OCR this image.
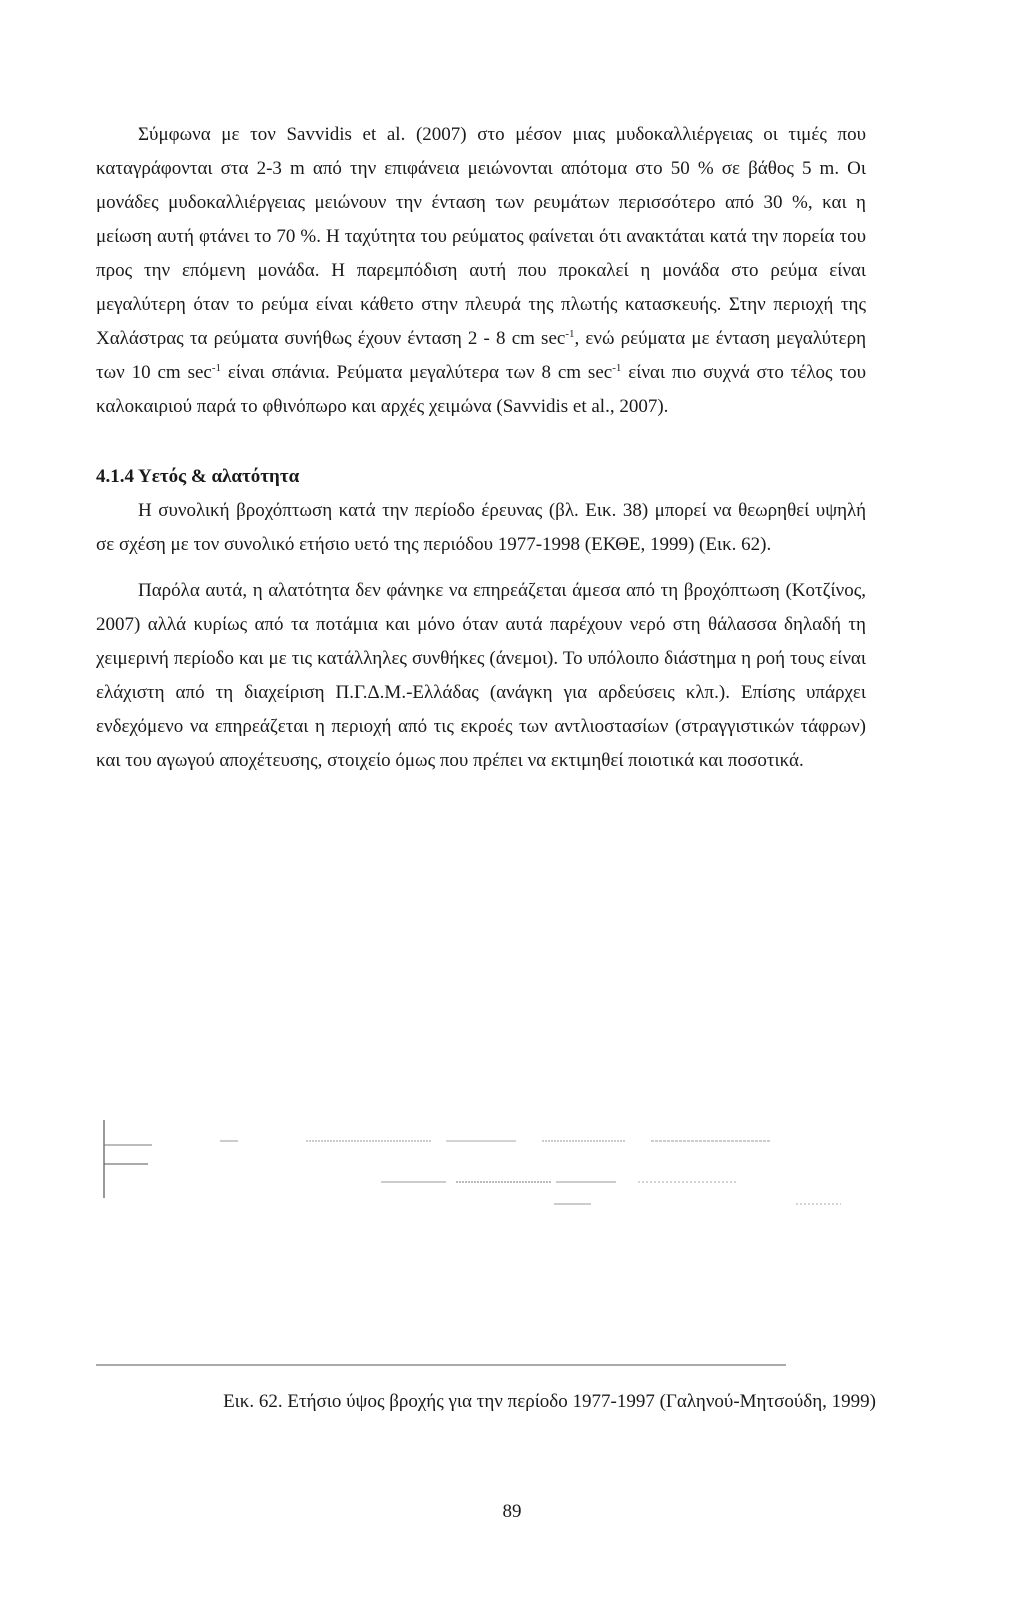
Σύμφωνα με τον Savvidis et al. (2007) στο μέσον μιας μυδοκαλλιέργειας οι τιμές που καταγράφονται στα 2-3 m από την επιφάνεια μειώνονται απότομα στο 50 % σε βάθος 5 m. Οι μονάδες μυδοκαλλιέργειας μειώνουν την ένταση των ρευμάτων περισσότερο από 30 %, και η μείωση αυτή φτάνει το 70 %. Η ταχύτητα του ρεύματος φαίνεται ότι ανακτάται κατά την πορεία του προς την επόμενη μονάδα. Η παρεμπόδιση αυτή που προκαλεί η μονάδα στο ρεύμα είναι μεγαλύτερη όταν το ρεύμα είναι κάθετο στην πλευρά της πλωτής κατασκευής. Στην περιοχή της Χαλάστρας τα ρεύματα συνήθως έχουν ένταση 2 - 8 cm $\sec^{-1}$, ενώ ρεύματα με ένταση μεγαλύτερη των 10 cm $\sec^{-1} \varepsilon ί\nu\alpha\iota$ σπάνια. Ρεύματα μεγαλύτερα των 8 cm $\sec^{-1} \varepsilon ί\nu\alpha\iota$ πιο συχνά στο τέλος του καλοκαιριού παρά το φθινόπωρο και αρχές χειμώνα (Savvidis et al., 2007).

4.1.4 Υετός & αλατότητα

Η συνολική βροχόπτωση κατά την περίοδο έρευνας (βλ. Εικ. 38) μπορεί να θεωρηθεί υψηλή σε σχέση με τον συνολικό ετήσιο υετό της περιόδου 1977-1998 (ΕΚΘΕ, 1999) (Εικ. 62).

Παρόλα αυτά, η αλατότητα δεν φάνηκε να επηρεάζεται άμεσα από τη βροχόπτωση (Κοτζίνος, 2007) αλλά κυρίως από τα ποτάμια και μόνο όταν αυτά παρέχουν νερό στη θάλασσα δηλαδή τη χειμερινή περίοδο και με τις κατάλληλες συνθήκες (άνεμοι). Το υπόλοιπο διάστημα η ροή τους είναι ελάχιστη από τη διαχείριση Π.Γ.Δ.Μ.-Ελλάδας (ανάγκη για αρδεύσεις κλπ.). Επίσης υπάρχει ενδεχόμενο να επηρεάζεται η περιοχή από τις εκροές των αντλιοστασίων (στραγγιστικών τάφρων) και του αγωγού αποχέτευσης, στοιχείο όμως που πρέπει να εκτιμηθεί ποιοτικά και ποσοτικά.

Εικ. 62. Ετήσιο ύψος βροχής για την περίοδο 1977-1997 (Γαληνού-Μητσούδη, 1999)
89
